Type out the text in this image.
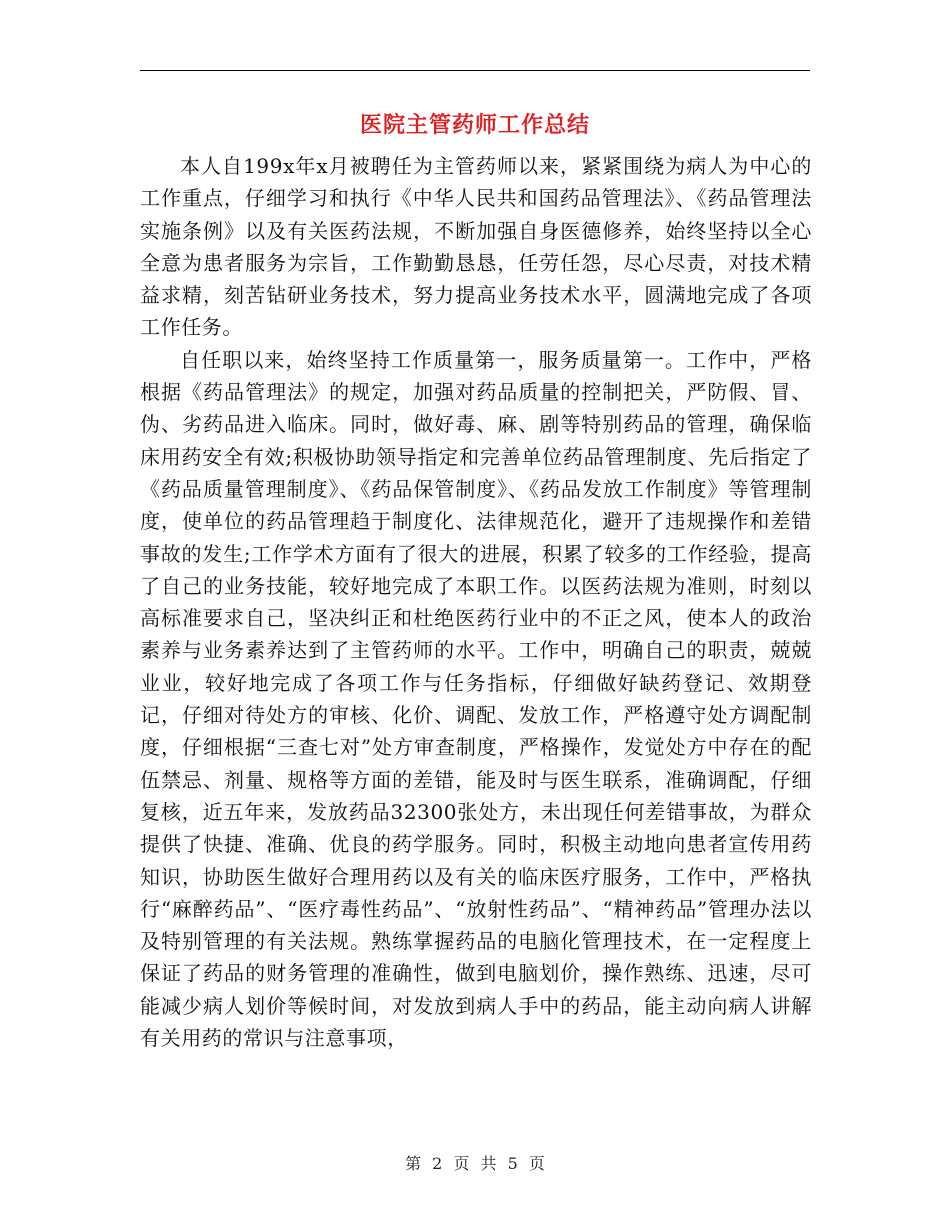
医院主管药师工作总结

本人自199x年x月被聘任为主管药师以来，紧紧围绕为病人为中心的工作重点，仔细学习和执行《中华人民共和国药品管理法》、《药品管理法实施条例》以及有关医药法规，不断加强自身医德修养，始终坚持以全心全意为患者服务为宗旨，工作勤勤恳恳，任劳任怨，尽心尽责，对技术精益求精，刻苦钻研业务技术，努力提高业务技术水平，圆满地完成了各项工作任务。

自任职以来，始终坚持工作质量第一，服务质量第一。工作中，严格根据《药品管理法》的规定，加强对药品质量的控制把关，严防假、冒、伪、劣药品进入临床。同时，做好毒、麻、剧等特别药品的管理，确保临床用药安全有效;积极协助领导指定和完善单位药品管理制度、先后指定了《药品质量管理制度》、《药品保管制度》、《药品发放工作制度》等管理制度，使单位的药品管理趋于制度化、法律规范化，避开了违规操作和差错事故的发生;工作学术方面有了很大的进展，积累了较多的工作经验，提高了自己的业务技能，较好地完成了本职工作。以医药法规为准则，时刻以高标准要求自己，坚决纠正和杜绝医药行业中的不正之风，使本人的政治素养与业务素养达到了主管药师的水平。工作中，明确自己的职责，兢兢业业，较好地完成了各项工作与任务指标，仔细做好缺药登记、效期登记，仔细对待处方的审核、化价、调配、发放工作，严格遵守处方调配制度，仔细根据“三查七对”处方审查制度，严格操作，发觉处方中存在的配伍禁忌、剂量、规格等方面的差错，能及时与医生联系，准确调配，仔细复核，近五年来，发放药品32300张处方，未出现任何差错事故，为群众提供了快捷、准确、优良的药学服务。同时，积极主动地向患者宣传用药知识，协助医生做好合理用药以及有关的临床医疗服务，工作中，严格执行“麻醉药品”、“医疗毒性药品”、“放射性药品”、“精神药品”管理办法以及特别管理的有关法规。熟练掌握药品的电脑化管理技术，在一定程度上保证了药品的财务管理的准确性，做到电脑划价，操作熟练、迅速，尽可能减少病人划价等候时间，对发放到病人手中的药品，能主动向病人讲解有关用药的常识与注意事项，

第 2 页 共 5 页
